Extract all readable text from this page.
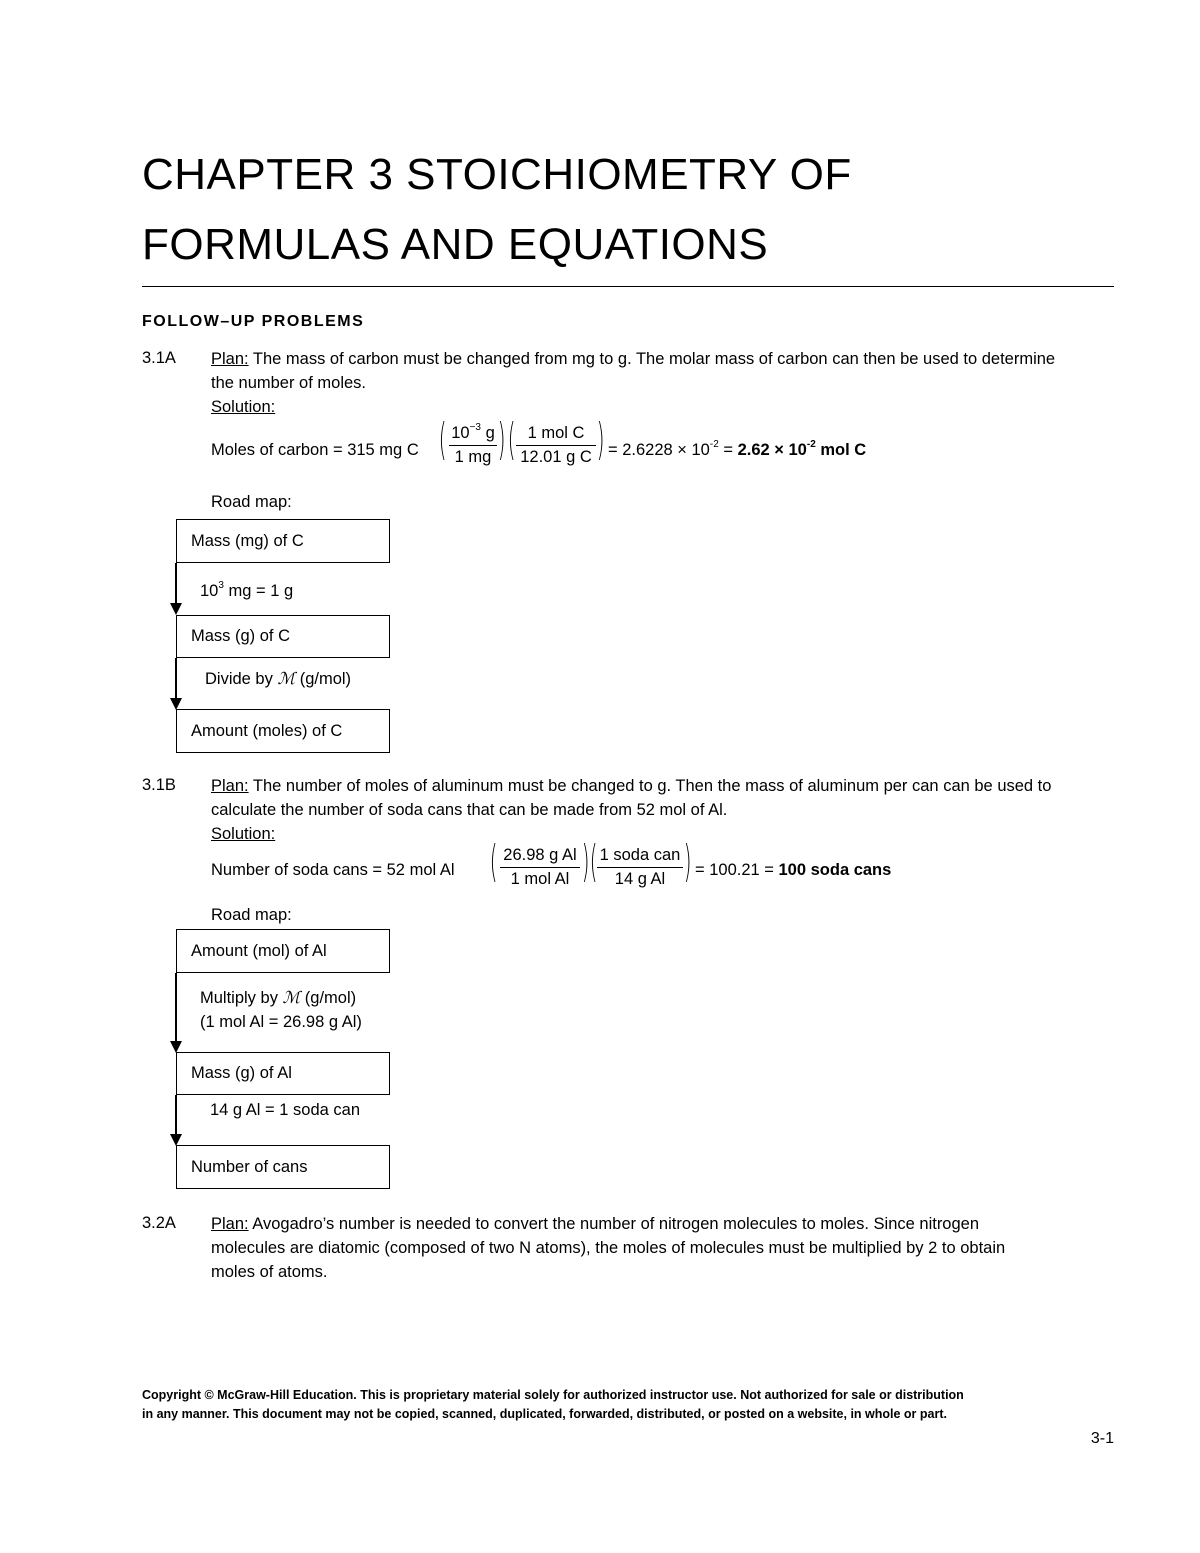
CHAPTER 3 STOICHIOMETRY OF
FORMULAS AND EQUATIONS
FOLLOW–UP PROBLEMS
3.1A Plan: The mass of carbon must be changed from mg to g. The molar mass of carbon can then be used to determine
the number of moles.
Solution:
Moles of carbon = 315 mg C ( $10^{-3}$ g
1 mg ) ( 1 mol C
12.01 g C ) = $2.6228 \times 10^{-2} = 2.62 \times 10^{-2}$ mol C
Road map:
Mass (mg) of C
$10^3$ mg = 1 g
Mass (g) of C
Divide by ℳ (g/mol)
Amount (moles) of C
3.1B Plan: The number of moles of aluminum must be changed to g. Then the mass of aluminum per can can be used to
calculate the number of soda cans that can be made from 52 mol of Al.
Solution:
Number of soda cans = 52 mol Al ( 26.98 g Al
1 mol Al ) ( 1 soda can
14 g Al ) = 100.21 = 100 soda cans
Road map:
Amount (mol) of Al
Multiply by ℳ (g/mol)
(1 mol Al = 26.98 g Al)
Mass (g) of Al
14 g Al = 1 soda can
Number of cans
3.2A Plan: Avogadro’s number is needed to convert the number of nitrogen molecules to moles. Since nitrogen
molecules are diatomic (composed of two N atoms), the moles of molecules must be multiplied by 2 to obtain
moles of atoms.
Copyright © McGraw-Hill Education. This is proprietary material solely for authorized instructor use. Not authorized for sale or distribution
in any manner. This document may not be copied, scanned, duplicated, forwarded, distributed, or posted on a website, in whole or part.
3-1
